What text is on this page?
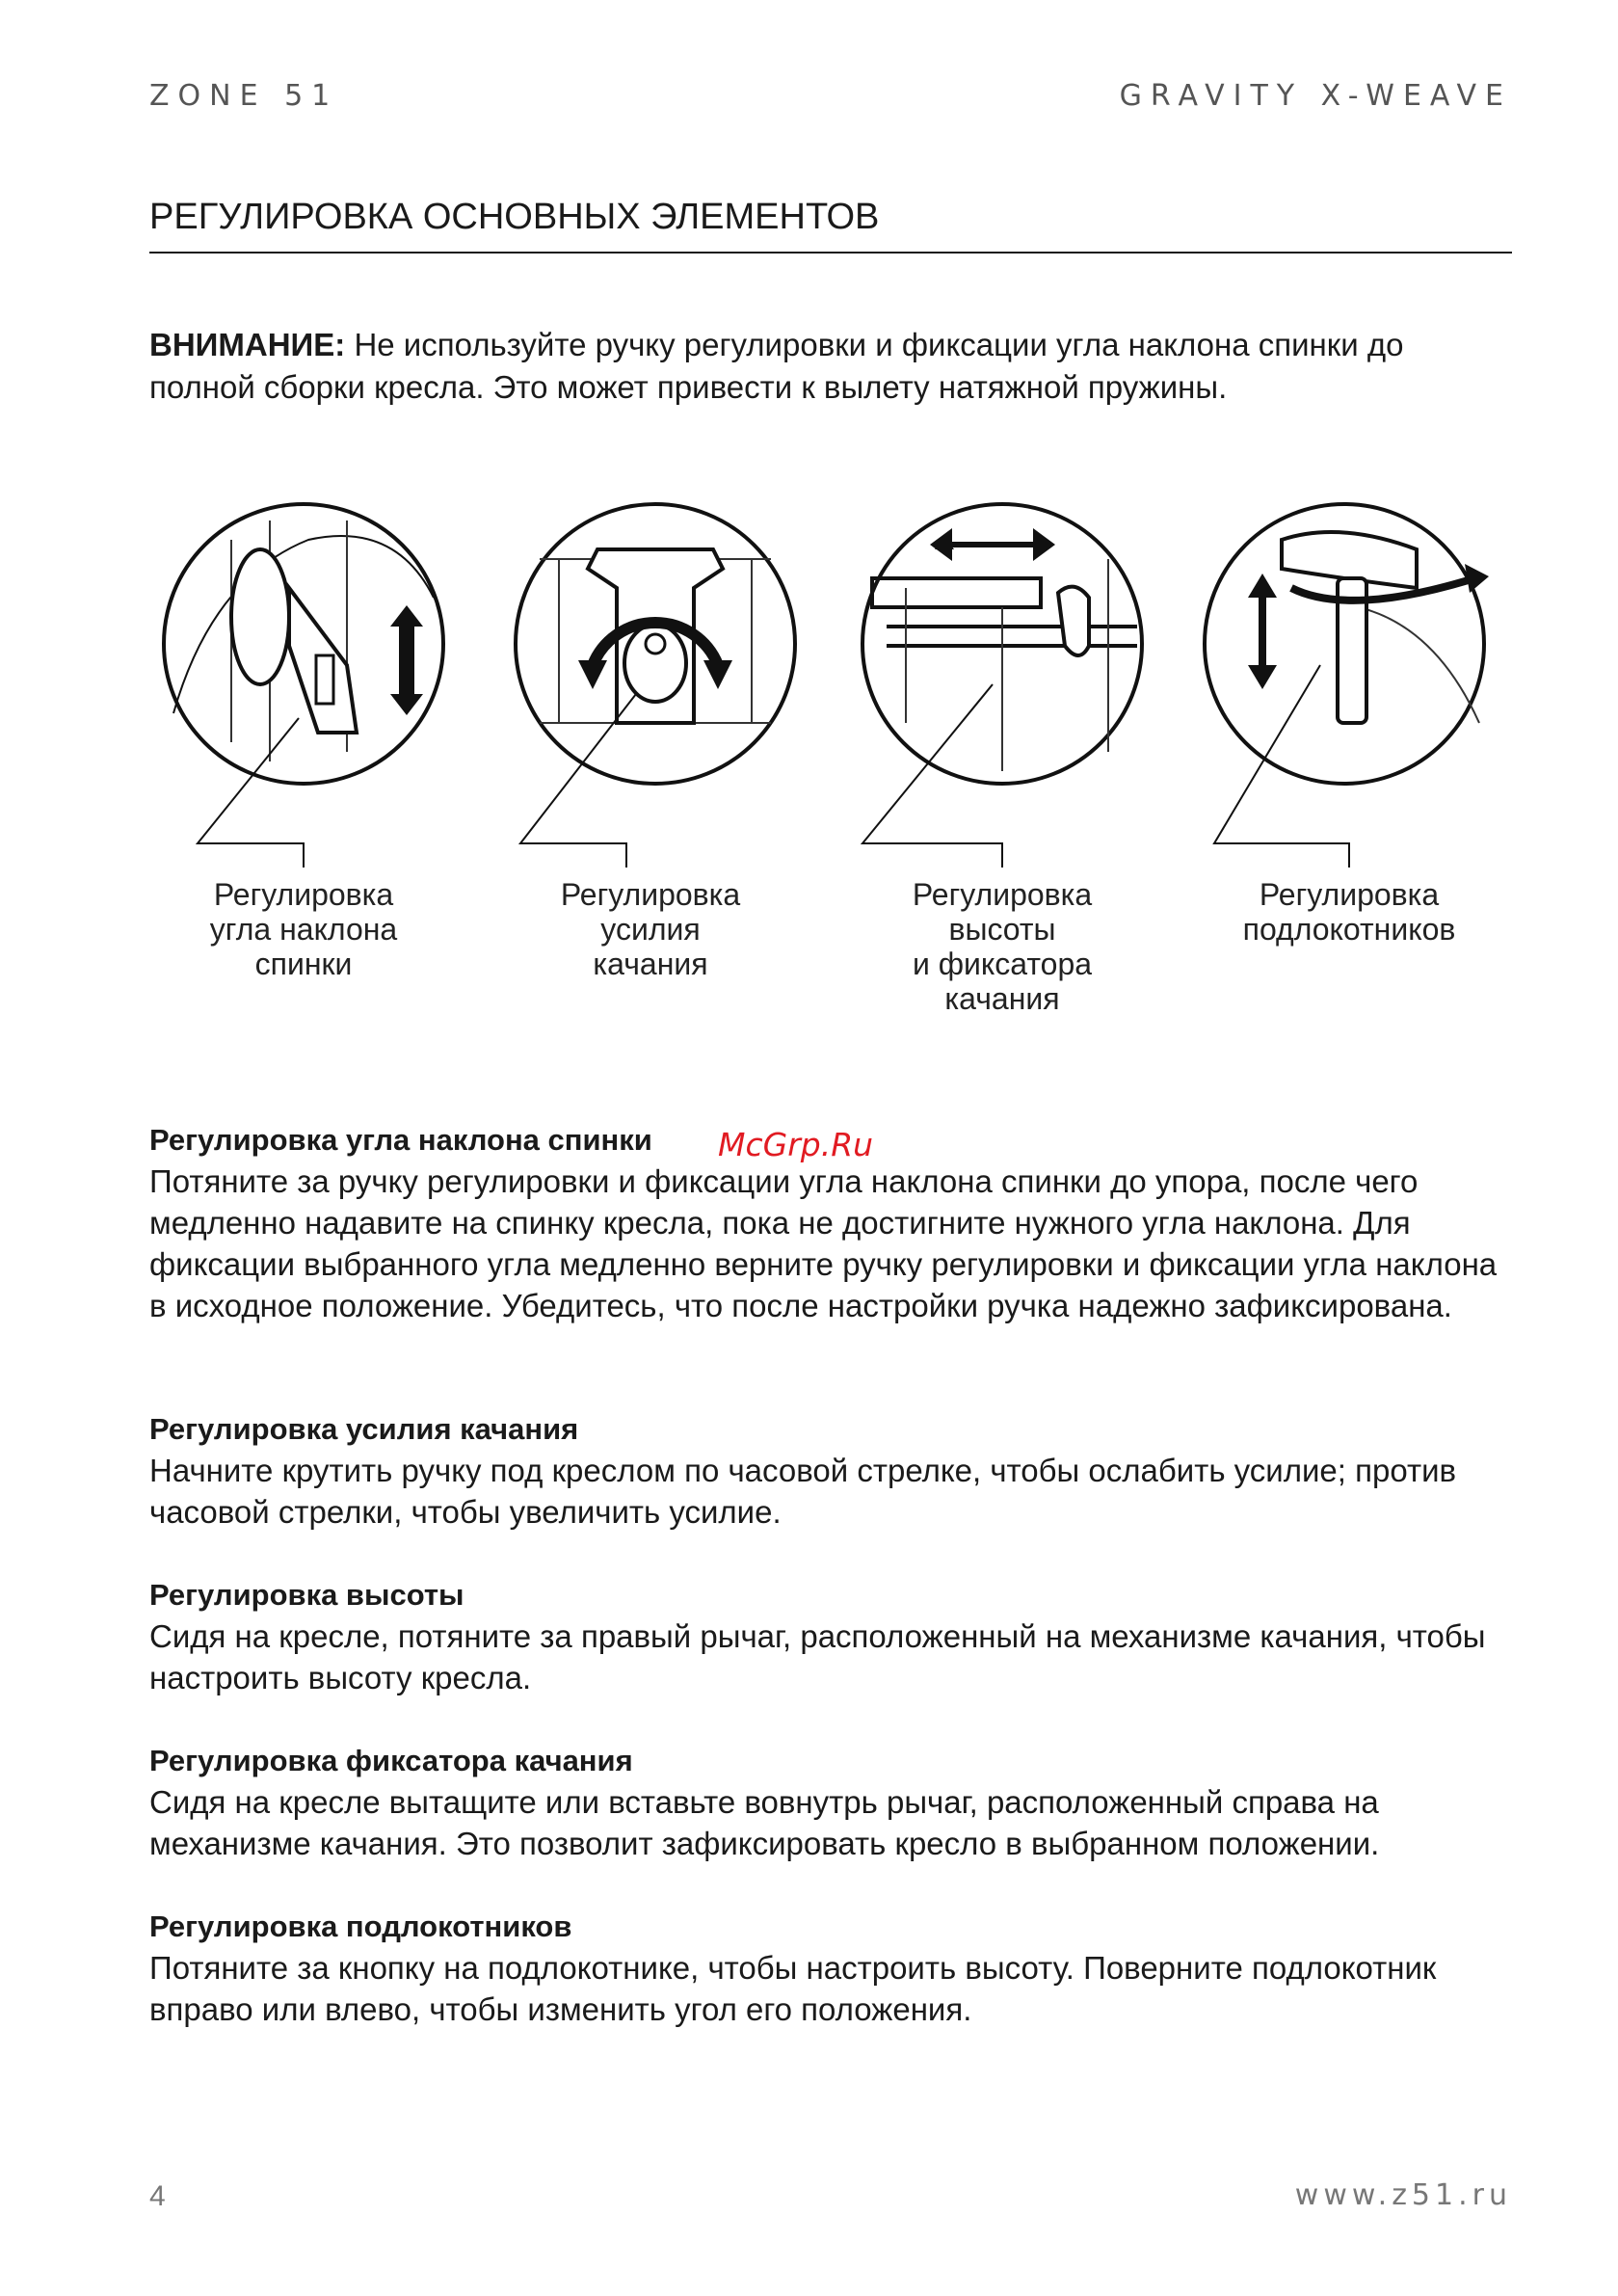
ZONE 51	GRAVITY X-WEAVE
РЕГУЛИРОВКА ОСНОВНЫХ ЭЛЕМЕНТОВ
ВНИМАНИЕ: Не используйте ручку регулировки и фиксации угла наклона спинки до полной сборки кресла. Это может привести к вылету натяжной пружины.
Регулировка
угла наклона
спинки
Регулировка
усилия
качания
Регулировка
высоты
и фиксатора
качания
Регулировка
подлокотников
McGrp.Ru
Регулировка угла наклона спинки

Потяните за ручку регулировки и фиксации угла наклона спинки до упора, после чего медленно надавите на спинку кресла, пока не достигните нужного угла наклона. Для фиксации выбранного угла медленно верните ручку регулировки и фиксации угла наклона в исходное положение. Убедитесь, что после настройки ручка надежно зафиксирована.

Регулировка усилия качания

Начните крутить ручку под креслом по часовой стрелке, чтобы ослабить усилие; против часовой стрелки, чтобы увеличить усилие.

Регулировка высоты

Сидя на кресле, потяните за правый рычаг, расположенный на механизме качания, чтобы настроить высоту кресла.

Регулировка фиксатора качания

Сидя на кресле вытащите или вставьте вовнутрь рычаг, расположенный справа на механизме качания. Это позволит зафиксировать кресло в выбранном положении.

Регулировка подлокотников

Потяните за кнопку на подлокотнике, чтобы настроить высоту. Поверните подлокотник вправо или влево, чтобы изменить угол его положения.

4	www.z51.ru
